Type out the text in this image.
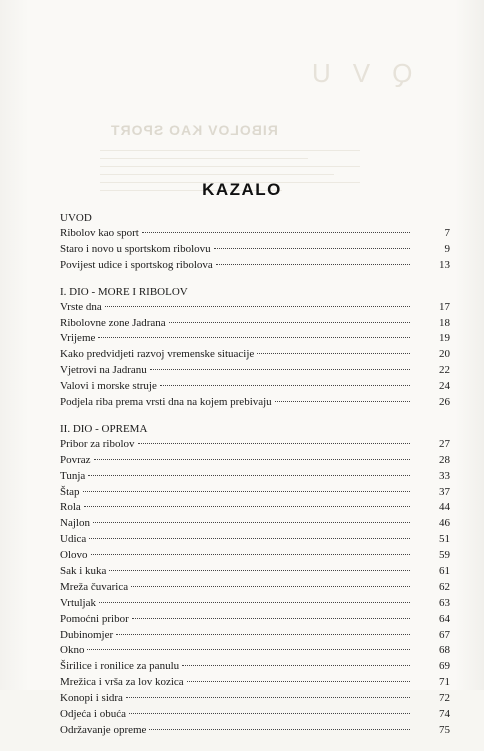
QVU
RIBOLOV KAO SPORT
KAZALO
UVOD
Ribolov kao sport	7
Staro i novo u sportskom ribolovu	9
Povijest udice i sportskog ribolova	13
I. DIO - MORE I RIBOLOV
Vrste dna	17
Ribolovne zone Jadrana	18
Vrijeme	19
Kako predvidjeti razvoj vremenske situacije	20
Vjetrovi na Jadranu	22
Valovi i morske struje	24
Podjela riba prema vrsti dna na kojem prebivaju	26
II. DIO - OPREMA
Pribor za ribolov	27
Povraz	28
Tunja	33
Štap	37
Rola	44
Najlon	46
Udica	51
Olovo	59
Sak i kuka	61
Mreža čuvarica	62
Vrtuljak	63
Pomoćni pribor	64
Dubinomjer	67
Okno	68
Širilice i ronilice za panulu	69
Mrežica i vrša za lov kozica	71
Konopi i sidra	72
Odjeća i obuća	74
Održavanje opreme	75
